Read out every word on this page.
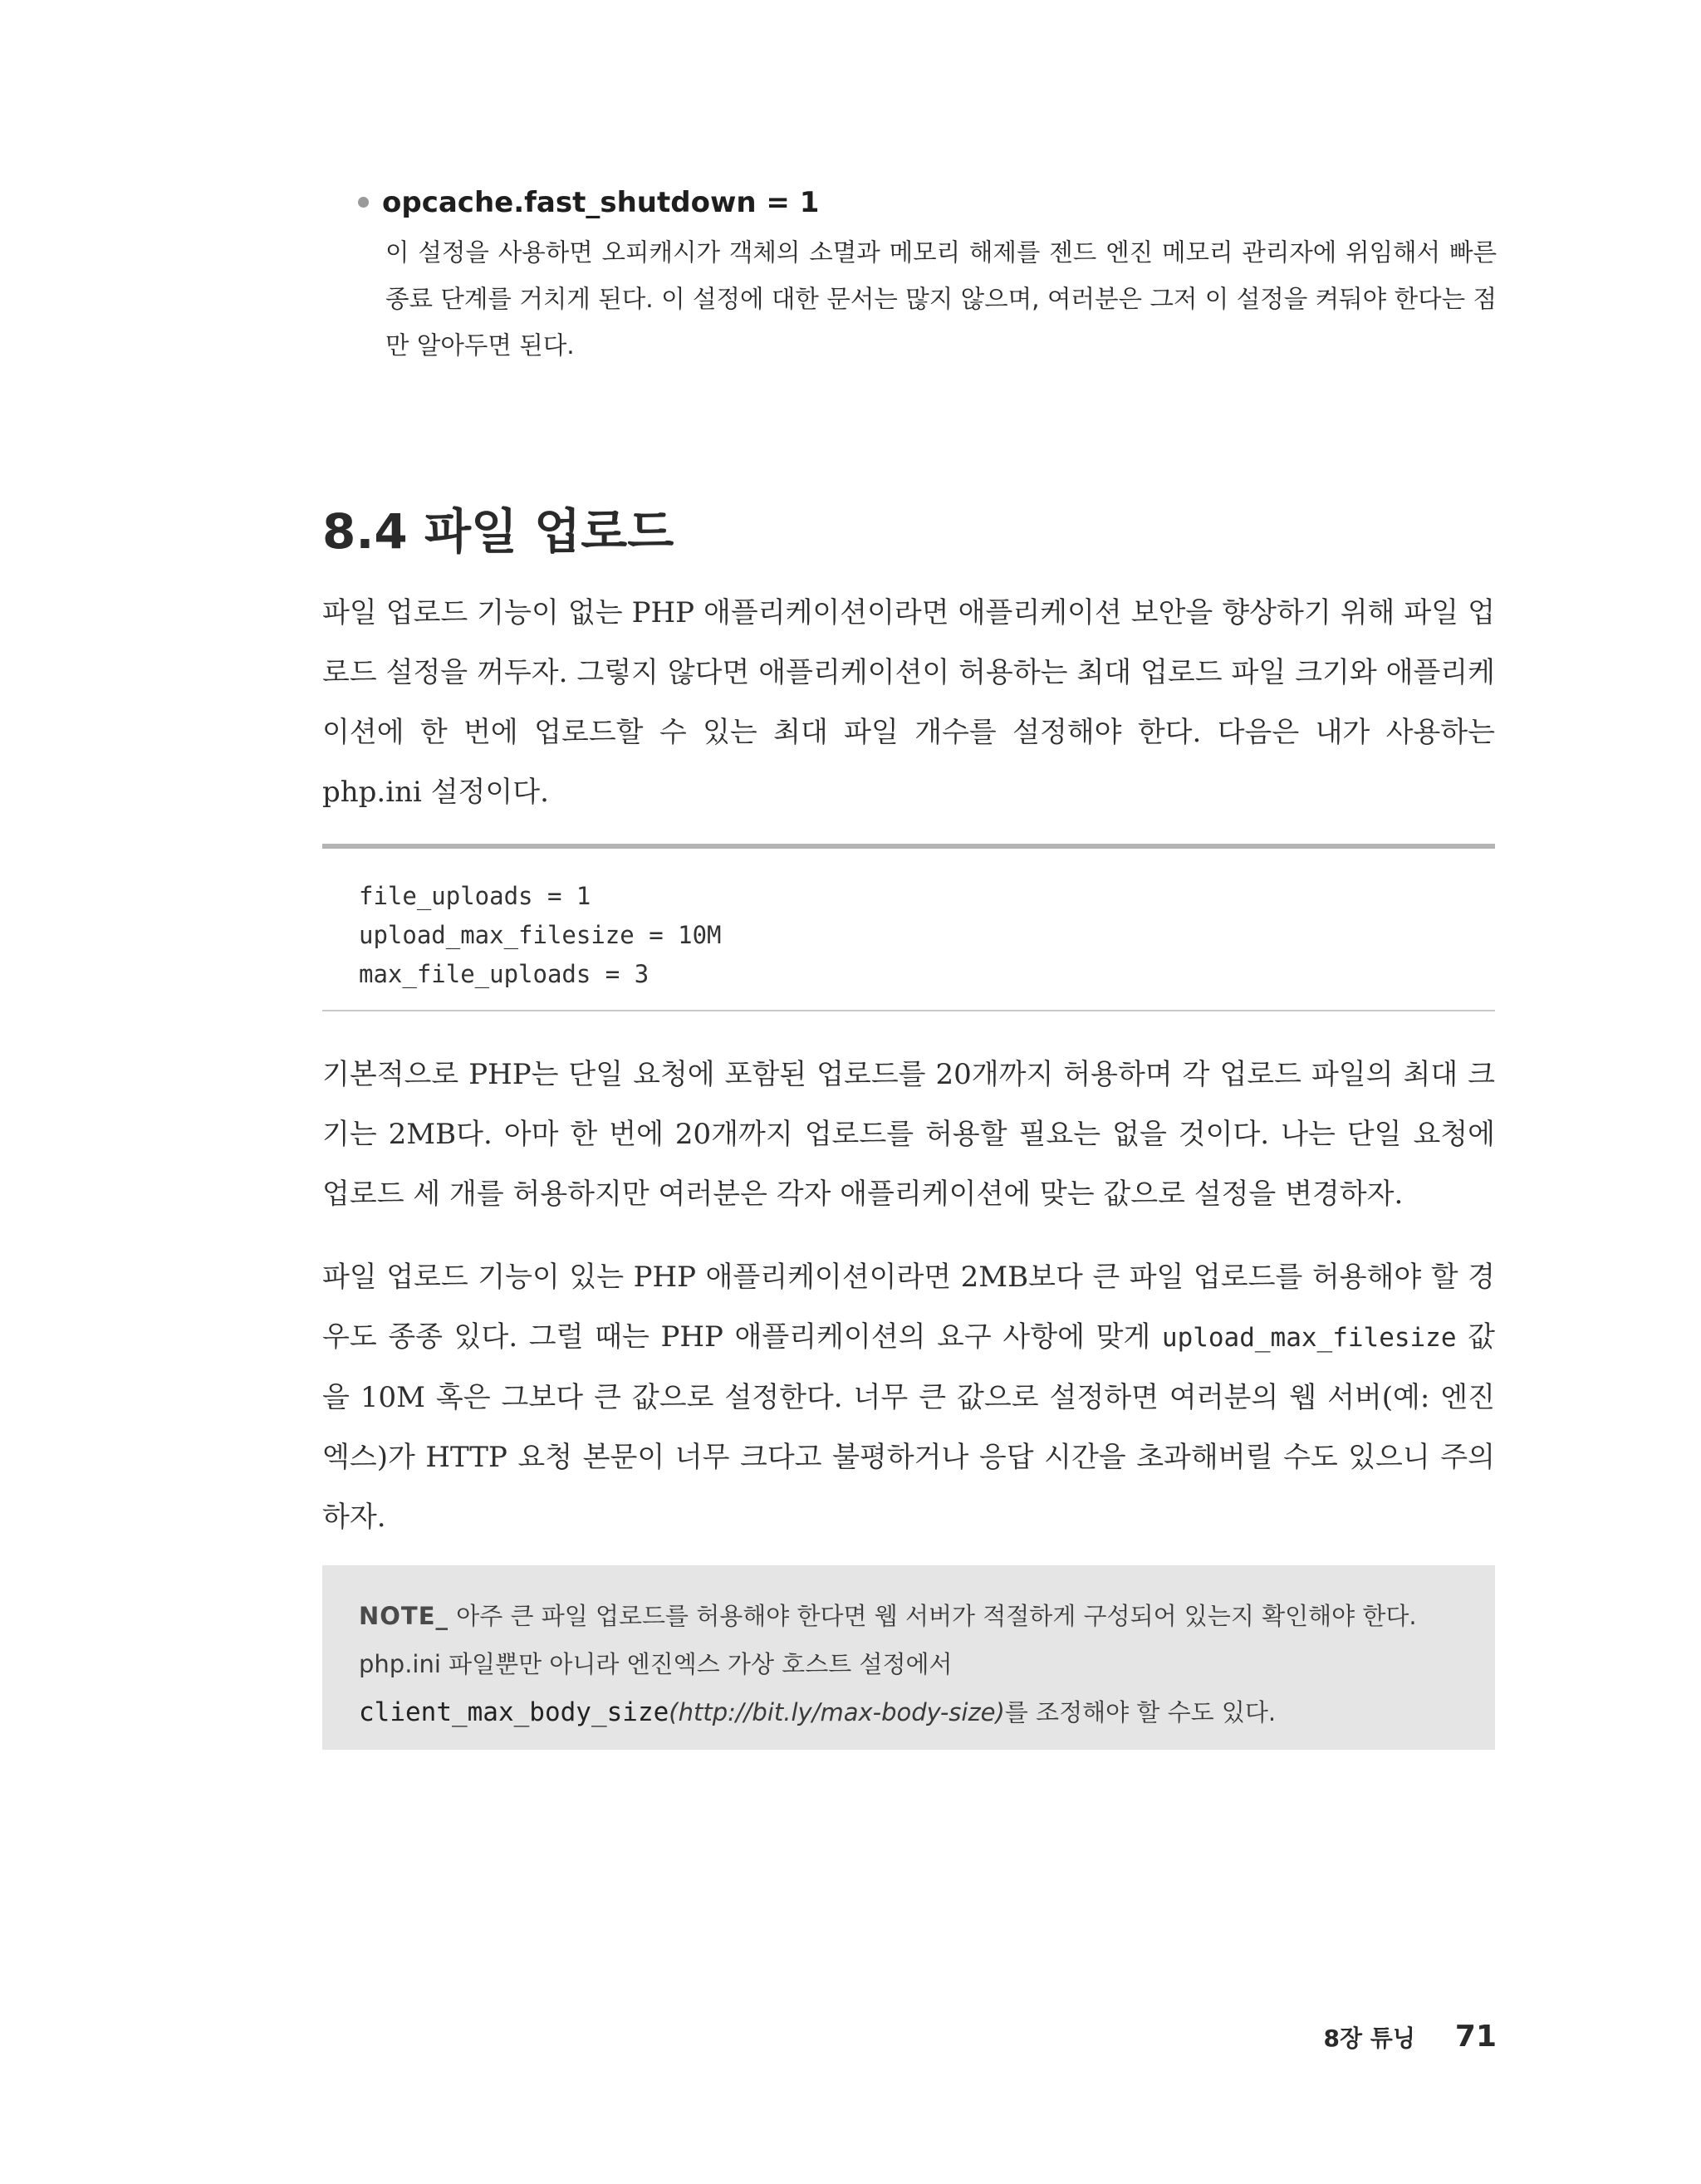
opcache.fast_shutdown = 1
이 설정을 사용하면 오피캐시가 객체의 소멸과 메모리 해제를 젠드 엔진 메모리 관리자에 위임해서 빠른 종료 단계를 거치게 된다. 이 설정에 대한 문서는 많지 않으며, 여러분은 그저 이 설정을 켜둬야 한다는 점만 알아두면 된다.
8.4 파일 업로드

파일 업로드 기능이 없는 PHP 애플리케이션이라면 애플리케이션 보안을 향상하기 위해 파일 업로드 설정을 꺼두자. 그렇지 않다면 애플리케이션이 허용하는 최대 업로드 파일 크기와 애플리케이션에 한 번에 업로드할 수 있는 최대 파일 개수를 설정해야 한다. 다음은 내가 사용하는 php.ini 설정이다.

file_uploads = 1
upload_max_filesize = 10M
max_file_uploads = 3

기본적으로 PHP는 단일 요청에 포함된 업로드를 20개까지 허용하며 각 업로드 파일의 최대 크기는 2MB다. 아마 한 번에 20개까지 업로드를 허용할 필요는 없을 것이다. 나는 단일 요청에 업로드 세 개를 허용하지만 여러분은 각자 애플리케이션에 맞는 값으로 설정을 변경하자.

파일 업로드 기능이 있는 PHP 애플리케이션이라면 2MB보다 큰 파일 업로드를 허용해야 할 경우도 종종 있다. 그럴 때는 PHP 애플리케이션의 요구 사항에 맞게 upload_max_filesize 값을 10M 혹은 그보다 큰 값으로 설정한다. 너무 큰 값으로 설정하면 여러분의 웹 서버(예: 엔진엑스)가 HTTP 요청 본문이 너무 크다고 불평하거나 응답 시간을 초과해버릴 수도 있으니 주의하자.

NOTE_ 아주 큰 파일 업로드를 허용해야 한다면 웹 서버가 적절하게 구성되어 있는지 확인해야 한다. php.ini 파일뿐만 아니라 엔진엑스 가상 호스트 설정에서 client_max_body_size(http://bit.ly/max-body-size)를 조정해야 할 수도 있다.
8장 튜닝 71
